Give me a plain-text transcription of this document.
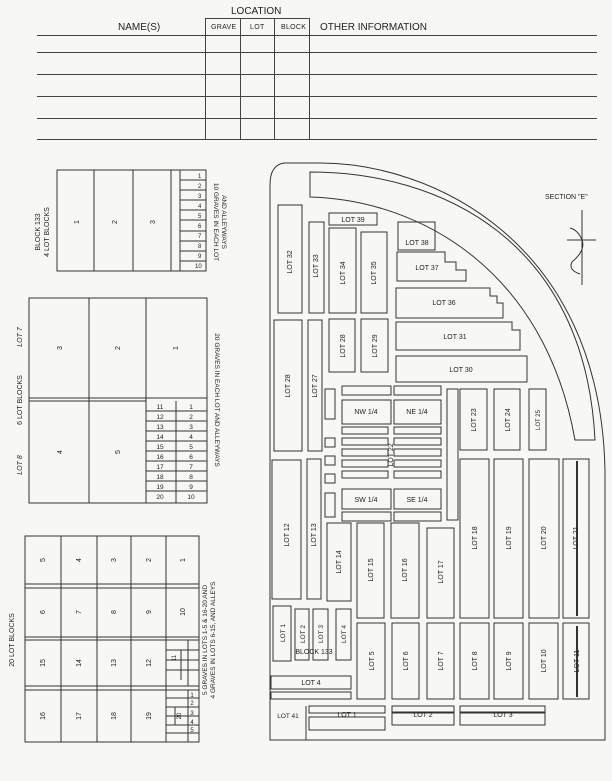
LOCATION
NAME(S)	GRAVE LOT BLOCK OTHER INFORMATION
BLOCK 133 4 LOT BLOCKS	1	2	3
1
2
3
4
5
6
7
8
9
10
10 GRAVES IN EACH LOT AND ALLEYWAYS
6 LOT BLOCKS
LOT 7
LOT 8
3	2	1
4	5
11
12
13
14
15
16
17
18
19
20
1
2
3
4
5
6
7
8
9
10
20 GRAVES IN EACH LOT AND ALLEYWAYS
20 LOT BLOCKS
5	4	3	2	1
6	7	8	9	10
15	14	13	12
16	17	18	19
1
2
3
4
5
11
20
5 GRAVES IN LOTS 1-5 & 16-20 AND 4 GRAVES IN LOTS 6-15, AND ALLEYS
SECTION "E"
LOT 39
LOT 38
LOT 37
LOT 36
LOT 31
LOT 30
LOT 32	LOT 33	LOT 34	LOT 35
LOT 28	LOT 29
LOT 28	LOT 27
NW 1/4	NE 1/4
LOT 22
SW 1/4	SE 1/4
LOT 23	LOT 24	LOT 25
LOT 12	LOT 13
LOT 14	LOT 15	LOT 16	LOT 17
LOT 18	LOT 19	LOT 20	LOT 21
LOT 1 LOT 2 LOT 3 LOT 4
BLOCK 133	LOT 5	LOT 6	LOT 7	LOT 8	LOT 9	LOT 10	LOT 11
LOT 4
LOT 41	LOT 1	LOT 2	LOT 3
